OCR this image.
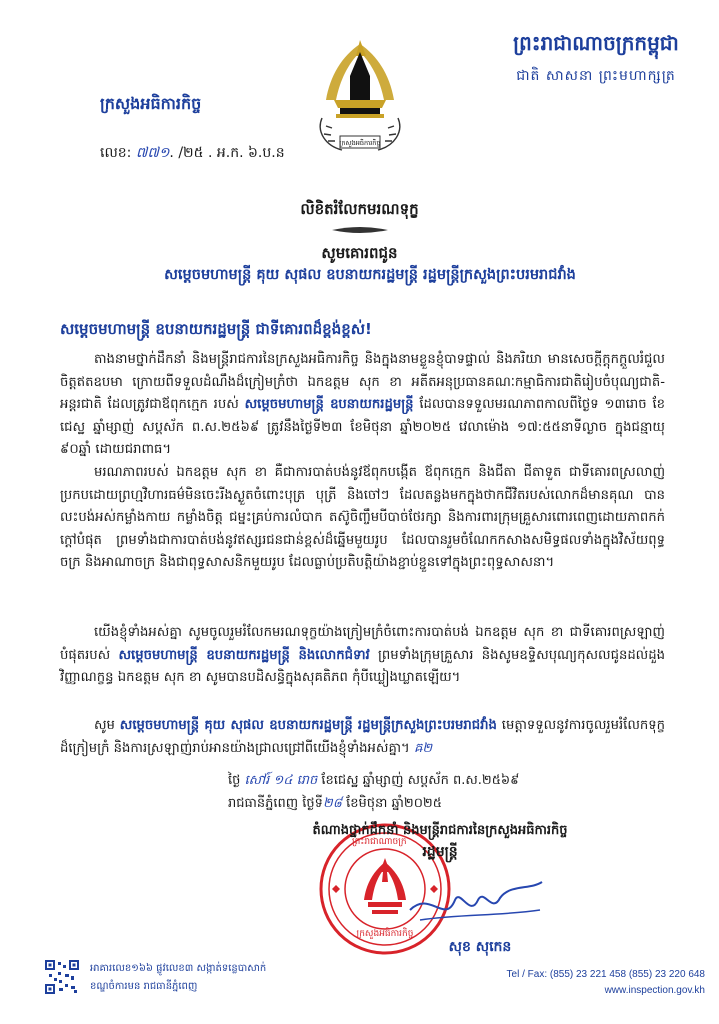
ព្រះរាជាណាចក្រកម្ពុជា
ជាតិ សាសនា ព្រះមហាក្សត្រ
ក្រសួងអធិការកិច្ច
ក្រសួងអធិការកិច្ច
លេខ: ៧៧១. /២៥ . អ.ក. ៦.ប.ន
លិខិតរំលែកមរណទុក្ខ
សូមគោរពជូន
សម្តេចមហាមន្ត្រី គុយ សុផល ឧបនាយករដ្ឋមន្ត្រី រដ្ឋមន្ត្រីក្រសួងព្រះបរមរាជវាំង
សម្តេចមហាមន្ត្រី ឧបនាយករដ្ឋមន្ត្រី ជាទីគោរពដ៏ខ្ពង់ខ្ពស់!
តាងនាមថ្នាក់ដឹកនាំ និងមន្ត្រីរាជការនៃក្រសួងអធិការកិច្ច និងក្នុងនាមខ្លួនខ្ញុំបាទផ្ទាល់ និងភរិយា មានសេចក្តីក្តុកក្តួលរំជួលចិត្តឥតឧបមា ក្រោយពីទទួលដំណឹងដ៏ក្រៀមក្រំថា ឯកឧត្តម សុក ខា អតីតអនុប្រធានគណៈកម្មាធិការជាតិរៀបចំបុណ្យជាតិ-អន្តរជាតិ ដែលត្រូវជាឪពុកក្មេក របស់ សម្តេចមហាមន្ត្រី ឧបនាយករដ្ឋមន្ត្រី ដែលបានទទួលមរណភាពកាលពីថ្ងៃទ ១៣រោច ខែជេស្ឋ ឆ្នាំម្សាញ់ សប្តស័ក ព.ស.២៥៦៩ ត្រូវនឹងថ្ងៃទី២៣ ខែមិថុនា ឆ្នាំ២០២៥ វេលាម៉ោង ១៧:៥៥នាទីល្ងាច ក្នុងជន្មាយុ ៩០ឆ្នាំ ដោយជរាពាធ។
មរណភាពរបស់ ឯកឧត្តម សុក ខា គឺជាការបាត់បង់នូវឪពុកបង្កើត ឪពុកក្មេក និងជីតា ជីតាទួត ជាទីគោរពស្រលាញ់ប្រកបដោយព្រហ្មវិហារធម៌មិនចេះរីងស្ងួតចំពោះបុត្រ បុត្រី និងចៅៗ ដែលតន្លងមកក្នុងថាកជីវិតរបស់លោកដ៏មានគុណ បានលះបង់អស់កម្លាំងកាយ កម្លាំងចិត្ត ជម្នះគ្រប់ការលំបាក តស៊ូចិញ្ចឹមបីបាច់ថែរក្សា និងការពារក្រុមគ្រួសារពោរពេញដោយភាពកក់ក្តៅបំផុត ព្រមទាំងជាការបាត់បង់នូវឥស្សរជនជាន់ខ្ពស់ដ៏ឆ្នើមមួយរូប ដែលបានរួមចំណែកកសាងសមិទ្ធផលទាំងក្នុងវិស័យពុទ្ធចក្រ និងអាណាចក្រ និងជាពុទ្ធសាសនិកមួយរូប ដែលធ្លាប់ប្រតិបត្តិយ៉ាងខ្ជាប់ខ្ជួនទៅក្នុងព្រះពុទ្ធសាសនា។
យើងខ្ញុំទាំងអស់គ្នា សូមចូលរួមរំលែកមរណទុក្ខយ៉ាងក្រៀមក្រំចំពោះការបាត់បង់ ឯកឧត្តម សុក ខា ជាទីគោរពស្រឡាញ់បំផុតរបស់ សម្តេចមហាមន្ត្រី ឧបនាយករដ្ឋមន្ត្រី និងលោកជំទាវ ព្រមទាំងក្រុមគ្រួសារ និងសូមឧទ្ទិសបុណ្យកុសលជូនដល់ដួងវិញ្ញាណក្ខន្ធ ឯកឧត្តម សុក ខា សូមបានបដិសន្ធិក្នុងសុគតិភព កុំបីឃ្លៀងឃ្លាតឡើយ។
សូម សម្តេចមហាមន្ត្រី គុយ សុផល ឧបនាយករដ្ឋមន្ត្រី រដ្ឋមន្ត្រីក្រសួងព្រះបរមរាជវាំង មេត្តាទទួលនូវការចូលរួមរំលែកទុក្ខដ៏ក្រៀមក្រំ និងការស្រឡាញ់រាប់អានយ៉ាងជ្រាលជ្រៅពីយើងខ្ញុំទាំងអស់គ្នា។ ឝ២
ថ្ងៃ សៅរ៍ ១៤ រោច ខែជេស្ឋ ឆ្នាំម្សាញ់ សប្តស័ក ព.ស.២៥៦៩
រាជធានីភ្នំពេញ ថ្ងៃទី២៨ ខែមិថុនា ឆ្នាំ២០២៥
ព្រះរាជាណាចក្រ
ក្រសួងអធិការកិច្ច
តំណាងថ្នាក់ដឹកនាំ និងមន្ត្រីរាជការនៃក្រសួងអធិការកិច្ច
រដ្ឋមន្ត្រី
សុខ សុកេន
អាគារលេខ១៦៦ ផ្លូវលេខ៣ សង្កាត់ទន្លេបាសាក់
ខណ្ឌចំការមន រាជធានីភ្នំពេញ
Tel / Fax: (855) 23 221 458 (855) 23 220 648
www.inspection.gov.kh
